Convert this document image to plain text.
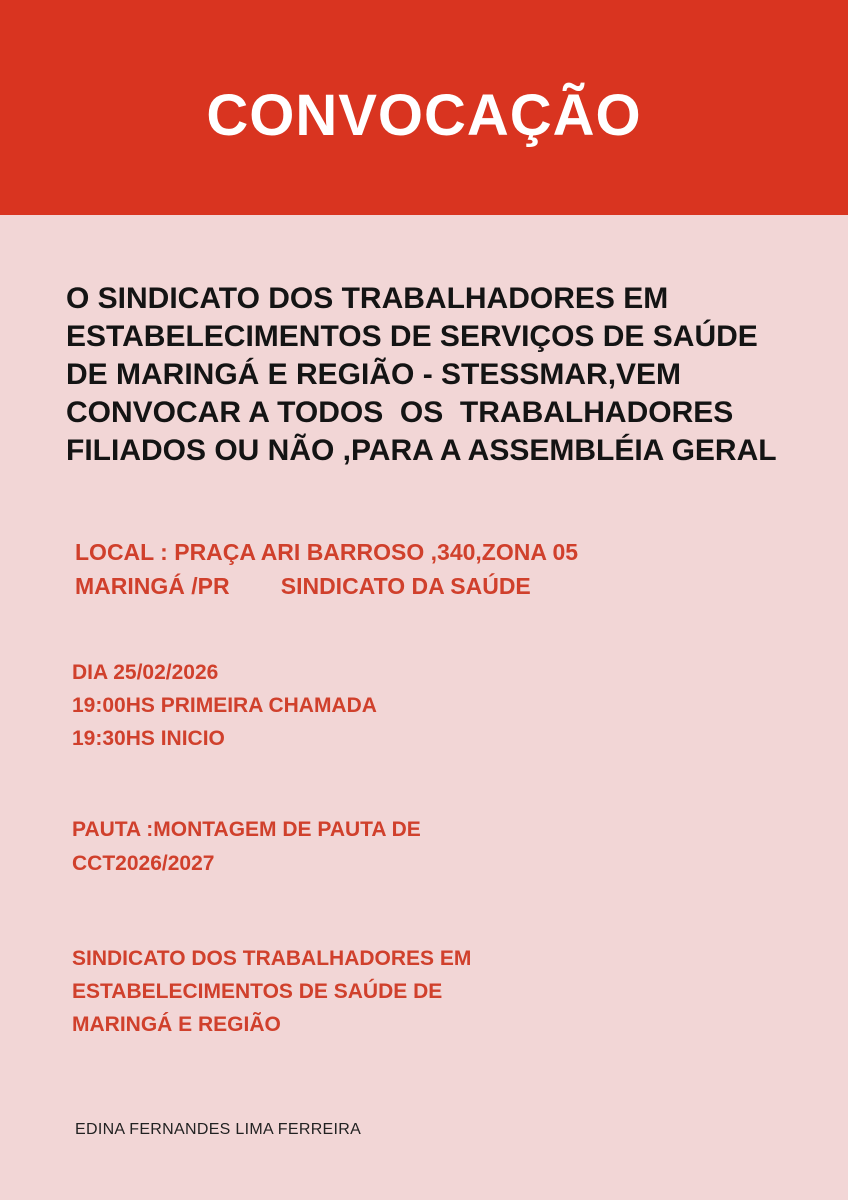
CONVOCAÇÃO
O SINDICATO DOS TRABALHADORES EM
ESTABELECIMENTOS DE SERVIÇOS DE SAÚDE
DE MARINGÁ E REGIÃO - STESSMAR,VEM
CONVOCAR A TODOS  OS  TRABALHADORES
FILIADOS OU NÃO ,PARA A ASSEMBLÉIA GERAL
LOCAL : PRAÇA ARI BARROSO ,340,ZONA 05
MARINGÁ /PR        SINDICATO DA SAÚDE
DIA 25/02/2026
19:00HS PRIMEIRA CHAMADA
19:30HS INICIO
PAUTA :MONTAGEM DE PAUTA DE
CCT2026/2027
SINDICATO DOS TRABALHADORES EM
ESTABELECIMENTOS DE SAÚDE DE
MARINGÁ E REGIÃO
EDINA FERNANDES LIMA FERREIRA
